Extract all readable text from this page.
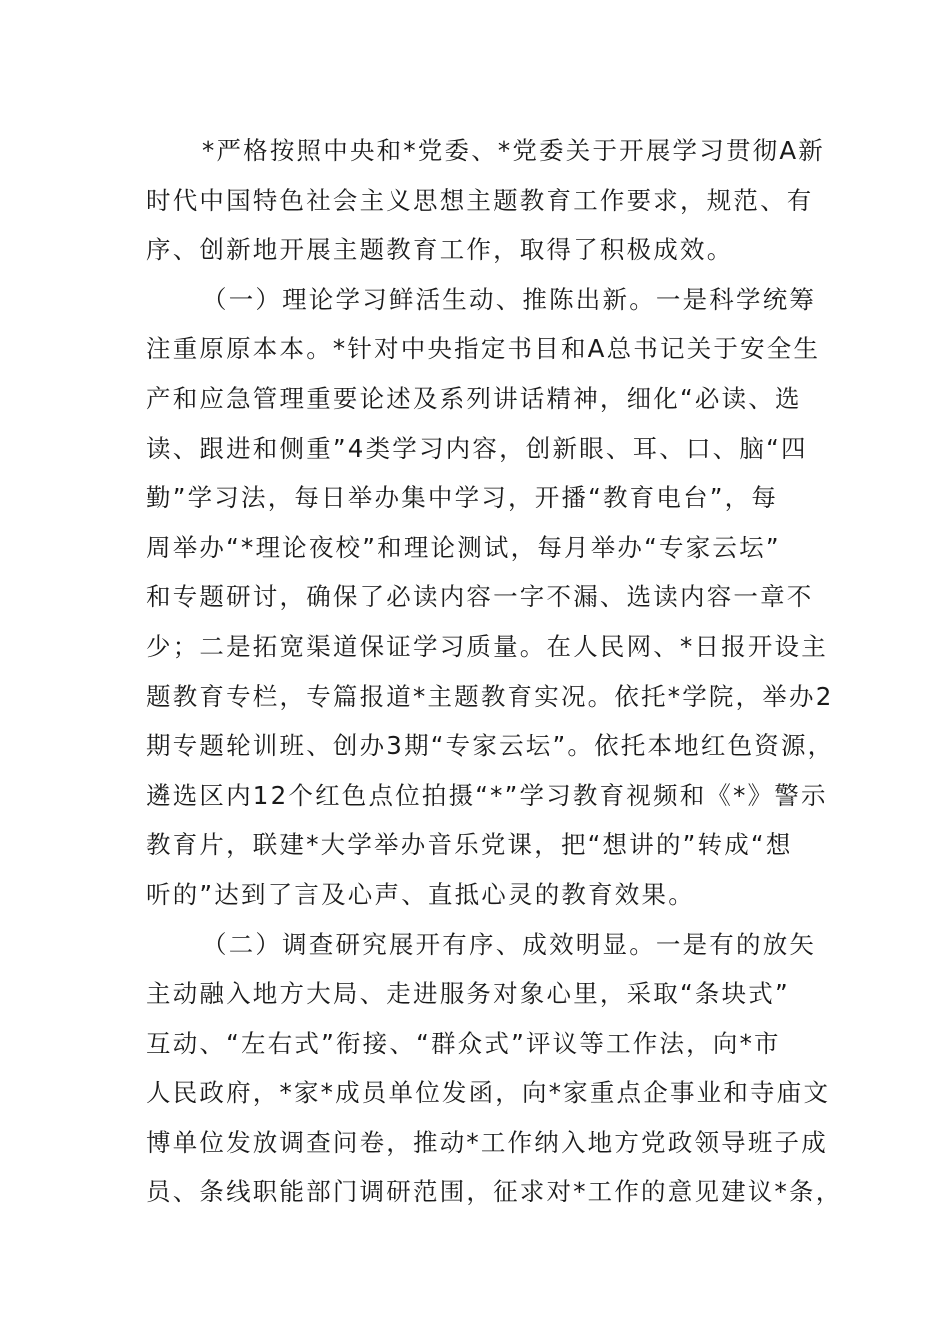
*严格按照中央和*党委、*党委关于开展学习贯彻A新
时代中国特色社会主义思想主题教育工作要求，规范、有
序、创新地开展主题教育工作，取得了积极成效。
（一）理论学习鲜活生动、推陈出新。一是科学统筹
注重原原本本。*针对中央指定书目和A总书记关于安全生
产和应急管理重要论述及系列讲话精神，细化“必读、选
读、跟进和侧重”4类学习内容，创新眼、耳、口、脑“四
勤”学习法，每日举办集中学习，开播“教育电台”，每
周举办“*理论夜校”和理论测试，每月举办“专家云坛”
和专题研讨，确保了必读内容一字不漏、选读内容一章不
少；二是拓宽渠道保证学习质量。在人民网、*日报开设主
题教育专栏，专篇报道*主题教育实况。依托*学院，举办2
期专题轮训班、创办3期“专家云坛”。依托本地红色资源，
遴选区内12个红色点位拍摄“*”学习教育视频和《*》警示
教育片，联建*大学举办音乐党课，把“想讲的”转成“想
听的”达到了言及心声、直抵心灵的教育效果。
（二）调查研究展开有序、成效明显。一是有的放矢
主动融入地方大局、走进服务对象心里，采取“条块式”
互动、“左右式”衔接、“群众式”评议等工作法，向*市
人民政府，*家*成员单位发函，向*家重点企事业和寺庙文
博单位发放调查问卷，推动*工作纳入地方党政领导班子成
员、条线职能部门调研范围，征求对*工作的意见建议*条，
